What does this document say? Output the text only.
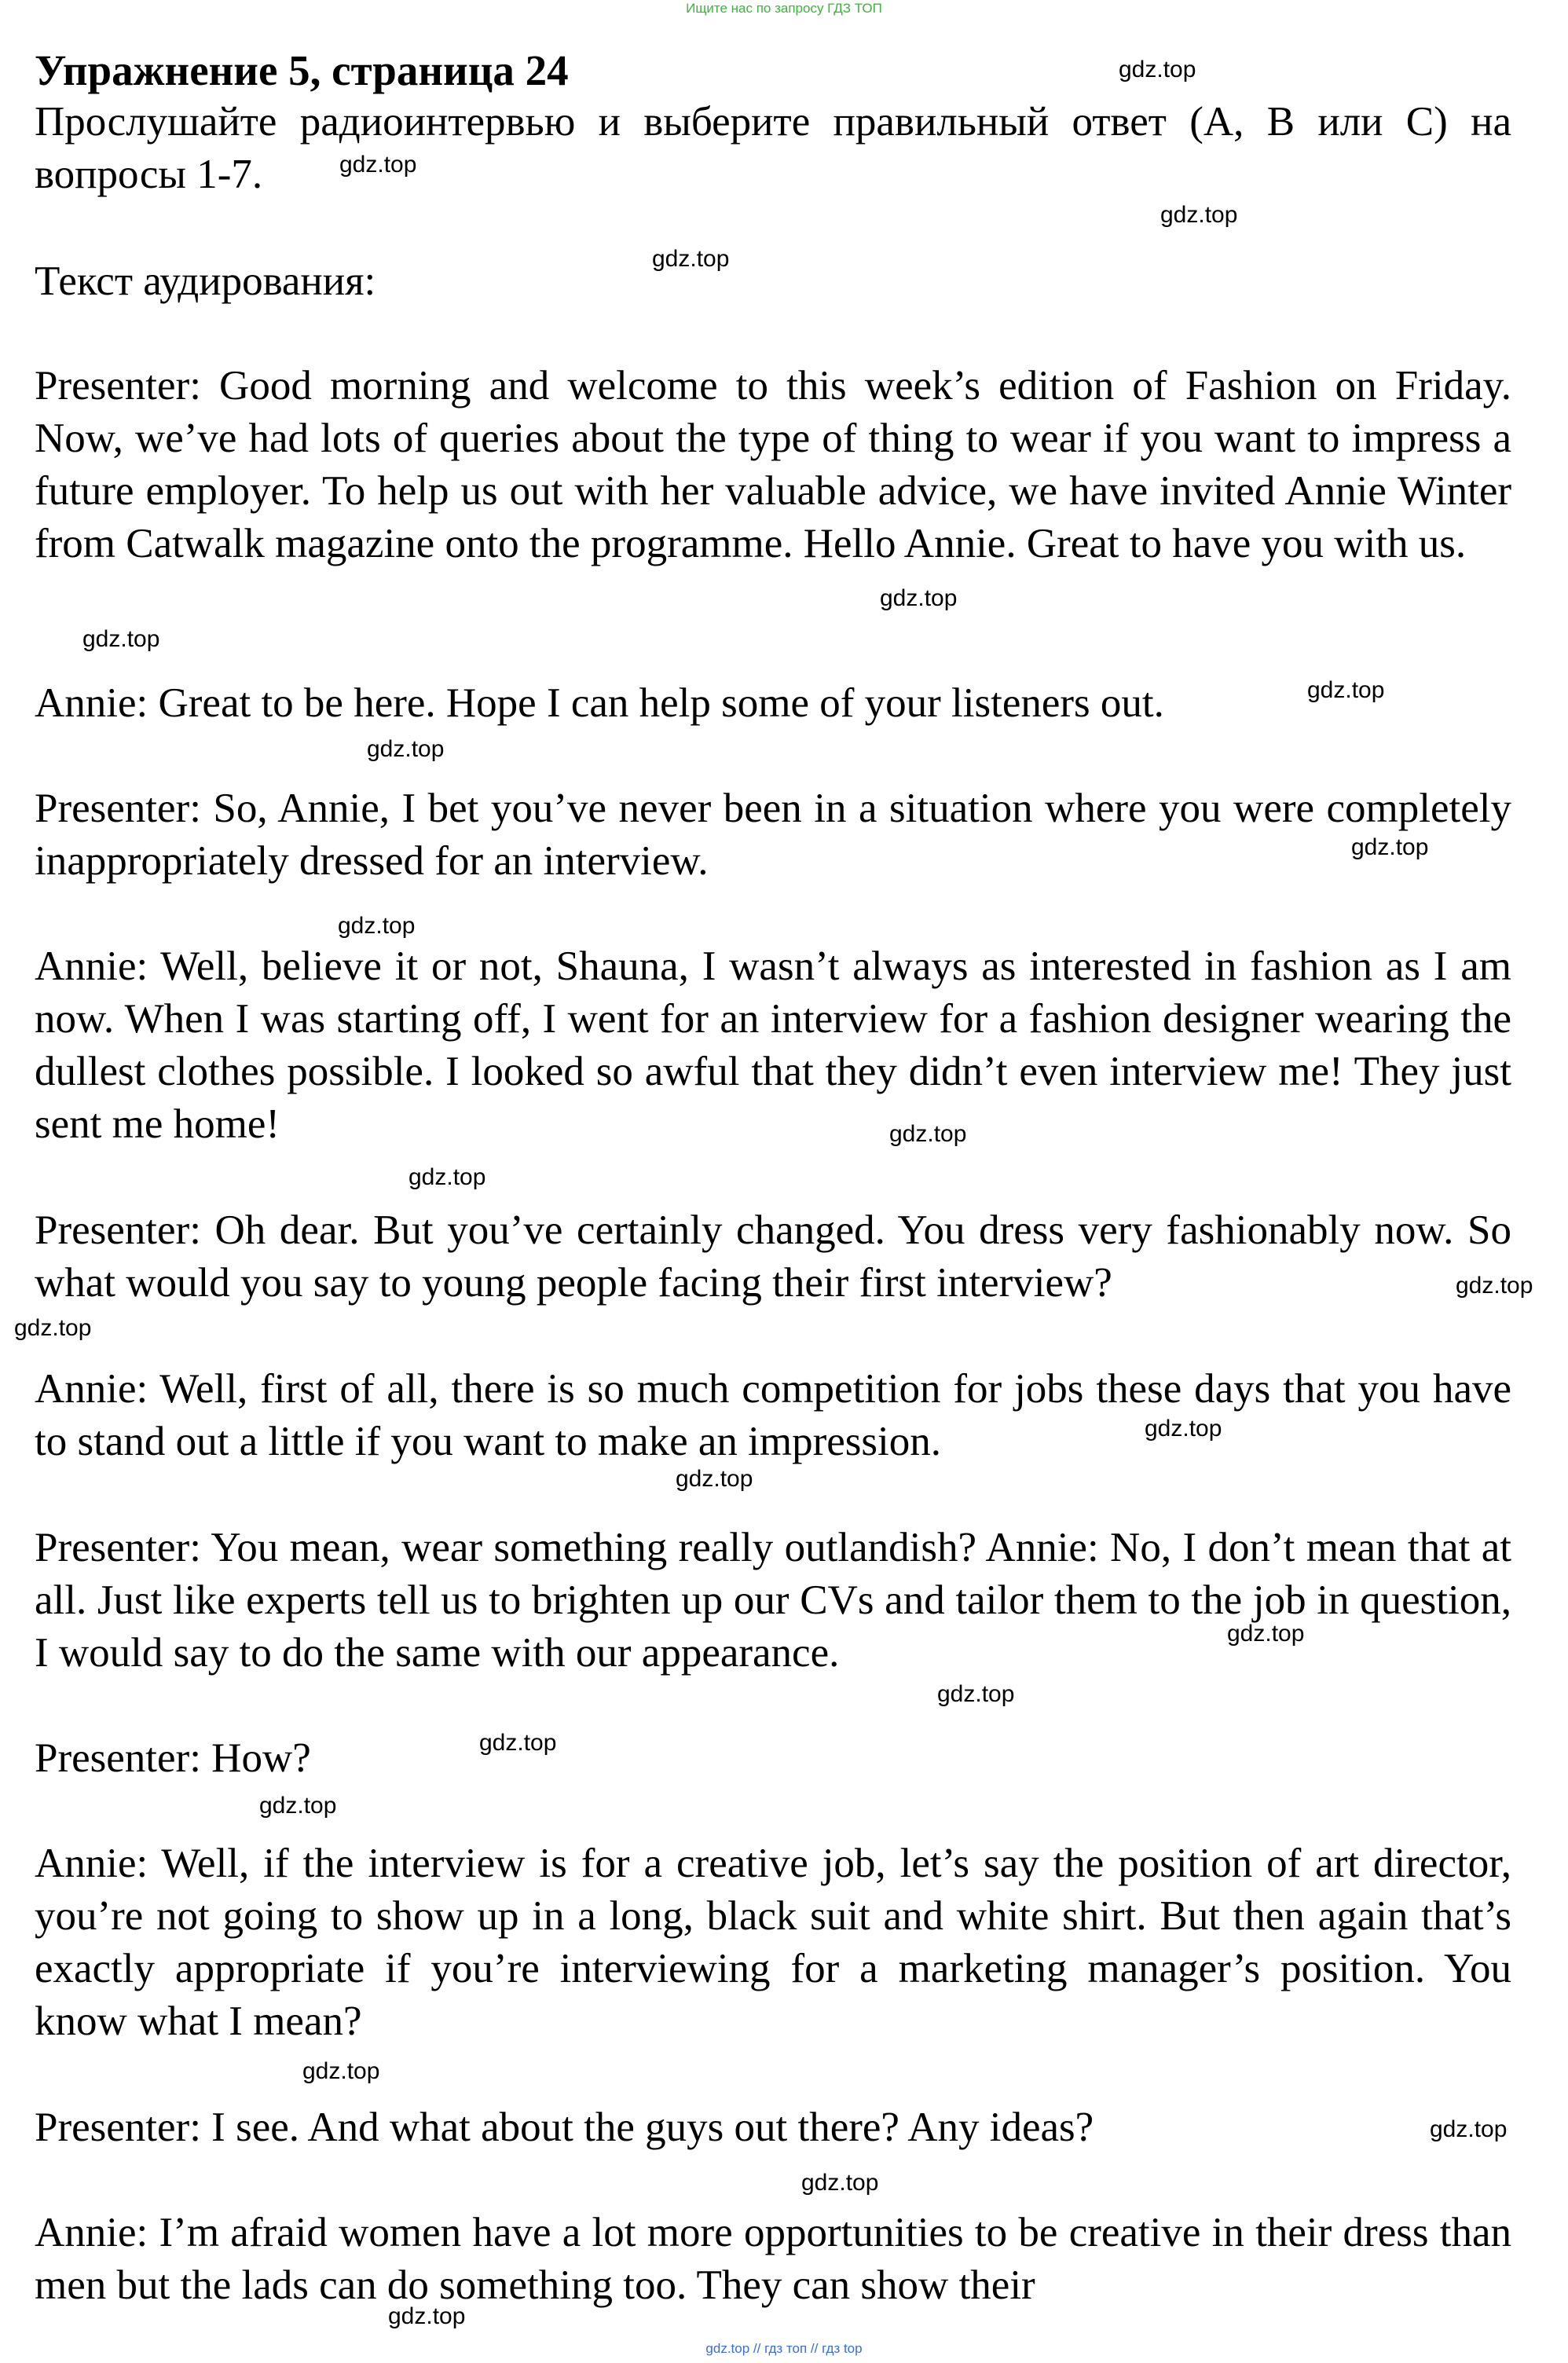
Ищите нас по запросу ГДЗ ТОП
Упражнение 5, страница 24

Прослушайте радиоинтервью и выберите правильный ответ (A, B или C) на вопросы 1-7.

Текст аудирования:

Presenter: Good morning and welcome to this week’s edition of Fashion on Friday. Now, we’ve had lots of queries about the type of thing to wear if you want to impress a future employer. To help us out with her valuable advice, we have invited Annie Winter from Catwalk magazine onto the programme. Hello Annie. Great to have you with us.

Annie: Great to be here. Hope I can help some of your listeners out.

Presenter: So, Annie, I bet you’ve never been in a situation where you were completely inappropriately dressed for an interview.

Annie: Well, believe it or not, Shauna, I wasn’t always as interested in fashion as I am now. When I was starting off, I went for an interview for a fashion designer wearing the dullest clothes possible. I looked so awful that they didn’t even interview me! They just sent me home!

Presenter: Oh dear. But you’ve certainly changed. You dress very fashionably now. So what would you say to young people facing their first interview?

Annie: Well, first of all, there is so much competition for jobs these days that you have to stand out a little if you want to make an impression.

Presenter: You mean, wear something really outlandish? Annie: No, I don’t mean that at all. Just like experts tell us to brighten up our CVs and tailor them to the job in question, I would say to do the same with our appearance.

Presenter: How?

Annie: Well, if the interview is for a creative job, let’s say the position of art director, you’re not going to show up in a long, black suit and white shirt. But then again that’s exactly appropriate if you’re interviewing for a marketing manager’s position. You know what I mean?

Presenter: I see. And what about the guys out there? Any ideas?

Annie: I’m afraid women have a lot more opportunities to be creative in their dress than men but the lads can do something too. They can show their

gdz.top
gdz.top
gdz.top
gdz.top
gdz.top
gdz.top
gdz.top
gdz.top
gdz.top
gdz.top
gdz.top
gdz.top
gdz.top
gdz.top
gdz.top
gdz.top
gdz.top
gdz.top
gdz.top
gdz.top
gdz.top
gdz.top
gdz.top
gdz.top
gdz.top // гдз топ // гдз top
